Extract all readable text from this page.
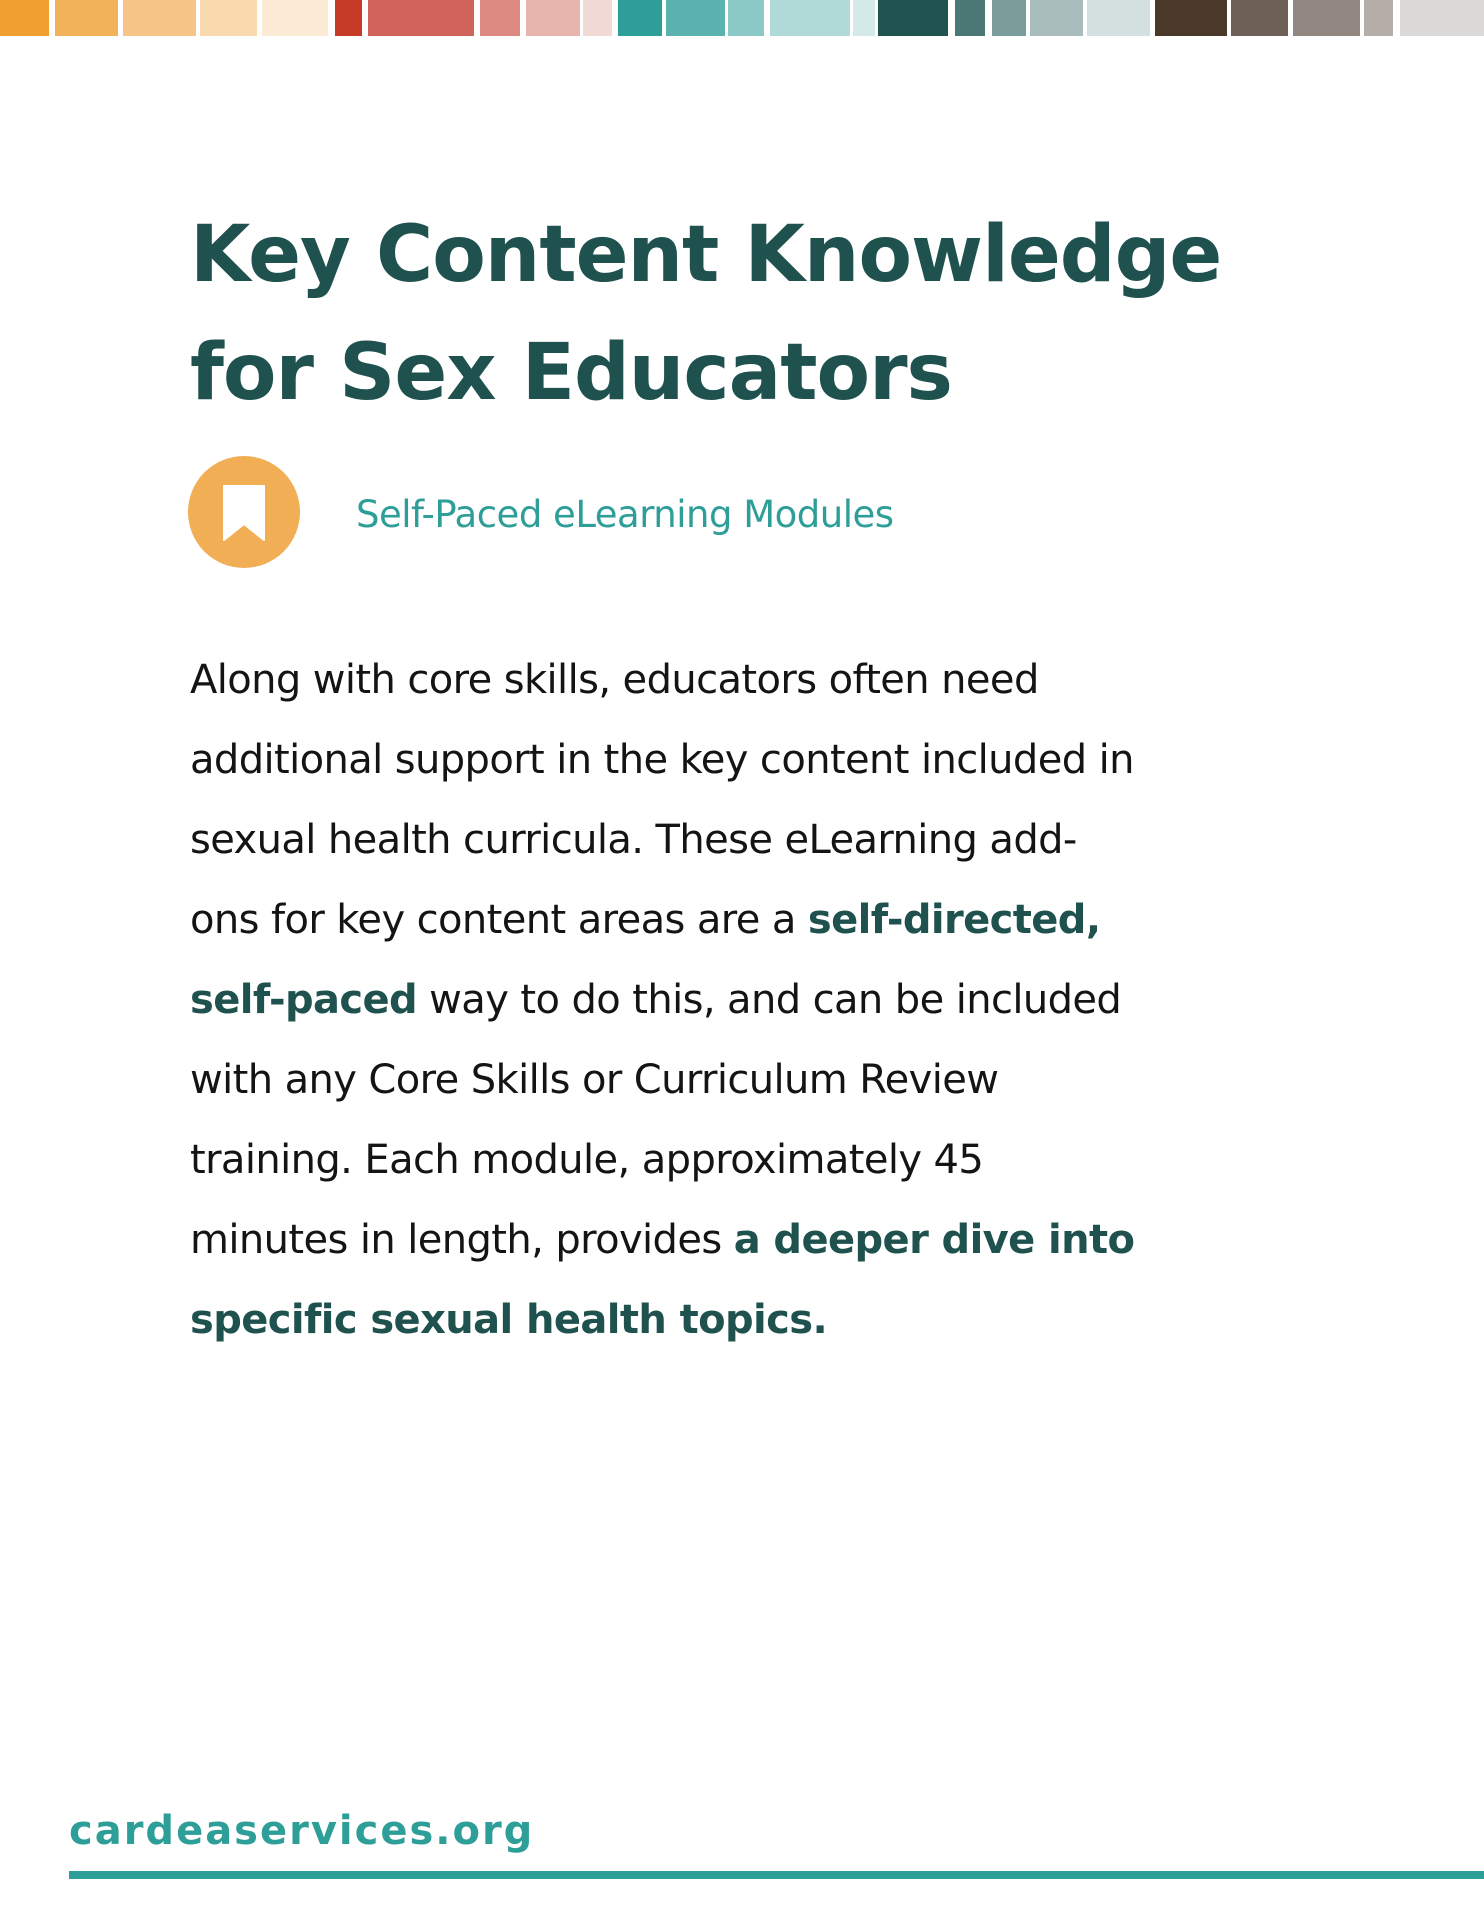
Key Content Knowledge
for Sex Educators
Self-Paced eLearning Modules

Along with core skills, educators often need
additional support in the key content included in
sexual health curricula. These eLearning add-
ons for key content areas are a self-directed,
self-paced way to do this, and can be included
with any Core Skills or Curriculum Review
training. Each module, approximately 45
minutes in length, provides a deeper dive into
specific sexual health topics.

cardeaservices.org
